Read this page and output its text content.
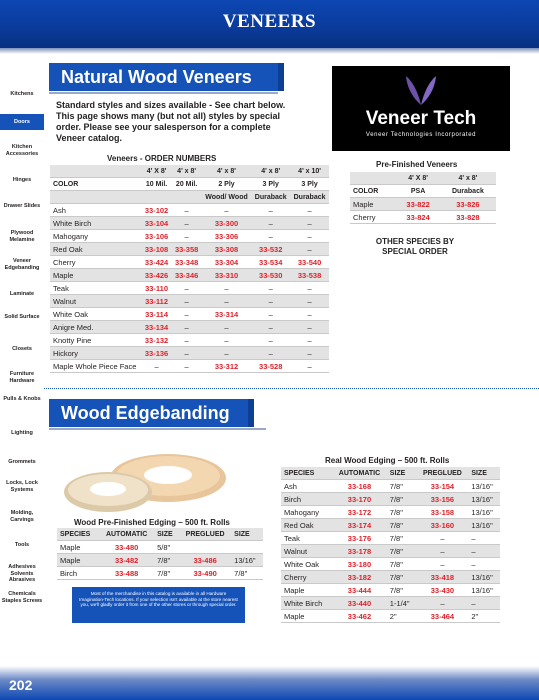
VENEERS
Kitchens
Doors
Kitchen Accessories
Hinges
Drawer Slides
Plywood Melamine
Veneer Edgebanding
Laminate
Solid Surface
Closets
Furniture Hardware
Pulls & Knobs
Lighting
Grommets
Locks, Lock Systems
Molding, Carvings
Tools
Adhesives Solvents Abrasives
Chemicals Staples Screws
Natural Wood Veneers
Standard styles and sizes available - See chart below. This page shows many (but not all) styles by special order. Please see your salesperson for a complete Veneer catalog.
Veneers - ORDER NUMBERS
	4' X 8'	4' x 8'	4' x 8'	4' x 8'	4' x 10'
COLOR	10 Mil.	20 Mil.	2 Ply	3 Ply	3 Ply
			Wood/ Wood	Duraback	Duraback
Ash	33-102	–	–	–	–
White Birch	33-104	–	33-300	–	–
Mahogany	33-106	–	33-306	–	–
Red Oak	33-108	33-358	33-308	33-532	–
Cherry	33-424	33-348	33-304	33-534	33-540
Maple	33-426	33-346	33-310	33-530	33-538
Teak	33-110	–	–	–	–
Walnut	33-112	–	–	–	–
White Oak	33-114	–	33-314	–	–
Anigre Med.	33-134	–	–	–	–
Knotty Pine	33-132	–	–	–	–
Hickory	33-136	–	–	–	–
Maple Whole Piece Face	–	–	33-312	33-528	–
Veneer Tech
Veneer Technologies Incorporated
Pre-Finished Veneers
	4' X 8'	4' x 8'
COLOR	PSA	Duraback
Maple	33-822	33-826
Cherry	33-824	33-828
OTHER SPECIES BY SPECIAL ORDER
Wood Edgebanding
Wood Pre-Finished Edging – 500 ft. Rolls
SPECIES	AUTOMATIC	SIZE	PREGLUED	SIZE
Maple	33-480	5/8"		
Maple	33-482	7/8"	33-486	13/16"
Birch	33-488	7/8"	33-490	7/8"
Most of the merchandise in this catalog is available in all Hardware Imagination-Tech locations. If your selection isn't available at the store nearest you, we'll gladly order it from one of the other stores or through special order.
Real Wood Edging – 500 ft. Rolls
SPECIES	AUTOMATIC	SIZE	PREGLUED	SIZE
Ash	33-168	7/8"	33-154	13/16"
Birch	33-170	7/8"	33-156	13/16"
Mahogany	33-172	7/8"	33-158	13/16"
Red Oak	33-174	7/8"	33-160	13/16"
Teak	33-176	7/8"	–	–
Walnut	33-178	7/8"	–	–
White Oak	33-180	7/8"	–	–
Cherry	33-182	7/8"	33-418	13/16"
Maple	33-444	7/8"	33-430	13/16"
White Birch	33-440	1-1/4"	–	–
Maple	33-462	2"	33-464	2"
202
